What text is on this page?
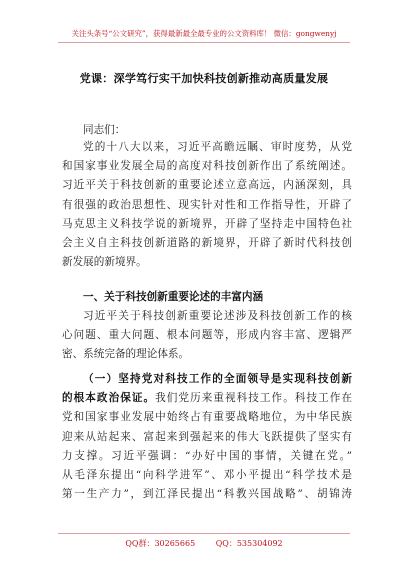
关注头条号“公文研究”，获得最新最全最专业的公文资料库！ 微信：gongwenyj
党课：深学笃行实干加快科技创新推动高质量发展
同志们：
党的十八大以来，习近平高瞻远瞩、审时度势，从党
和国家事业发展全局的高度对科技创新作出了系统阐述。
习近平关于科技创新的重要论述立意高远，内涵深刻，具
有很强的政治思想性、现实针对性和工作指导性，开辟了
马克思主义科技学说的新境界，开辟了坚持走中国特色社
会主义自主科技创新道路的新境界，开辟了新时代科技创
新发展的新境界。
一、关于科技创新重要论述的丰富内涵
习近平关于科技创新重要论述涉及科技创新工作的核
心问题、重大问题、根本问题等，形成内容丰富、逻辑严
密、系统完备的理论体系。
（一）坚持党对科技工作的全面领导是实现科技创新
的根本政治保证。我们党历来重视科技工作。科技工作在
党和国家事业发展中始终占有重要战略地位，为中华民族
迎来从站起来、富起来到强起来的伟大飞跃提供了坚实有
力支撑。习近平强调：“办好中国的事情，关键在党。”
从毛泽东提出“向科学进军”、邓小平提出“科学技术是
第一生产力”，到江泽民提出“科教兴国战略”、胡锦涛
QQ群：30265665	QQ：535304092
